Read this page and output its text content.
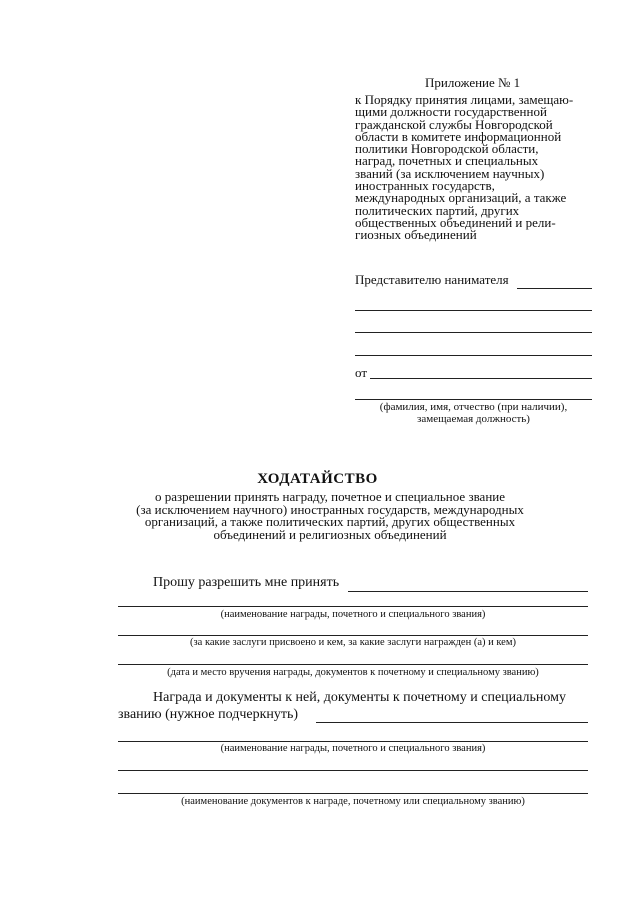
Приложение № 1
к Порядку принятия лицами, замещаю-
щими должности государственной
гражданской службы Новгородской
области в комитете информационной
политики Новгородской области,
наград, почетных и специальных
званий (за исключением научных)
иностранных государств,
международных организаций, а также
политических партий, других
общественных объединений и рели-
гиозных объединений
Представителю нанимателя
от
(фамилия, имя, отчество (при наличии),
замещаемая должность)
ХОДАТАЙСТВО
о разрешении принять награду, почетное и специальное звание
(за исключением научного) иностранных государств, международных
организаций, а также политических партий, других общественных
объединений и религиозных объединений
Прошу разрешить мне принять
(наименование награды, почетного и специального звания)
(за какие заслуги присвоено и кем, за какие заслуги награжден (а) и кем)
(дата и место вручения награды, документов к почетному и специальному званию)
Награда и документы к ней, документы к почетному и специальному
званию (нужное подчеркнуть)
(наименование награды, почетного и специального звания)
(наименование документов к награде, почетному или специальному званию)
